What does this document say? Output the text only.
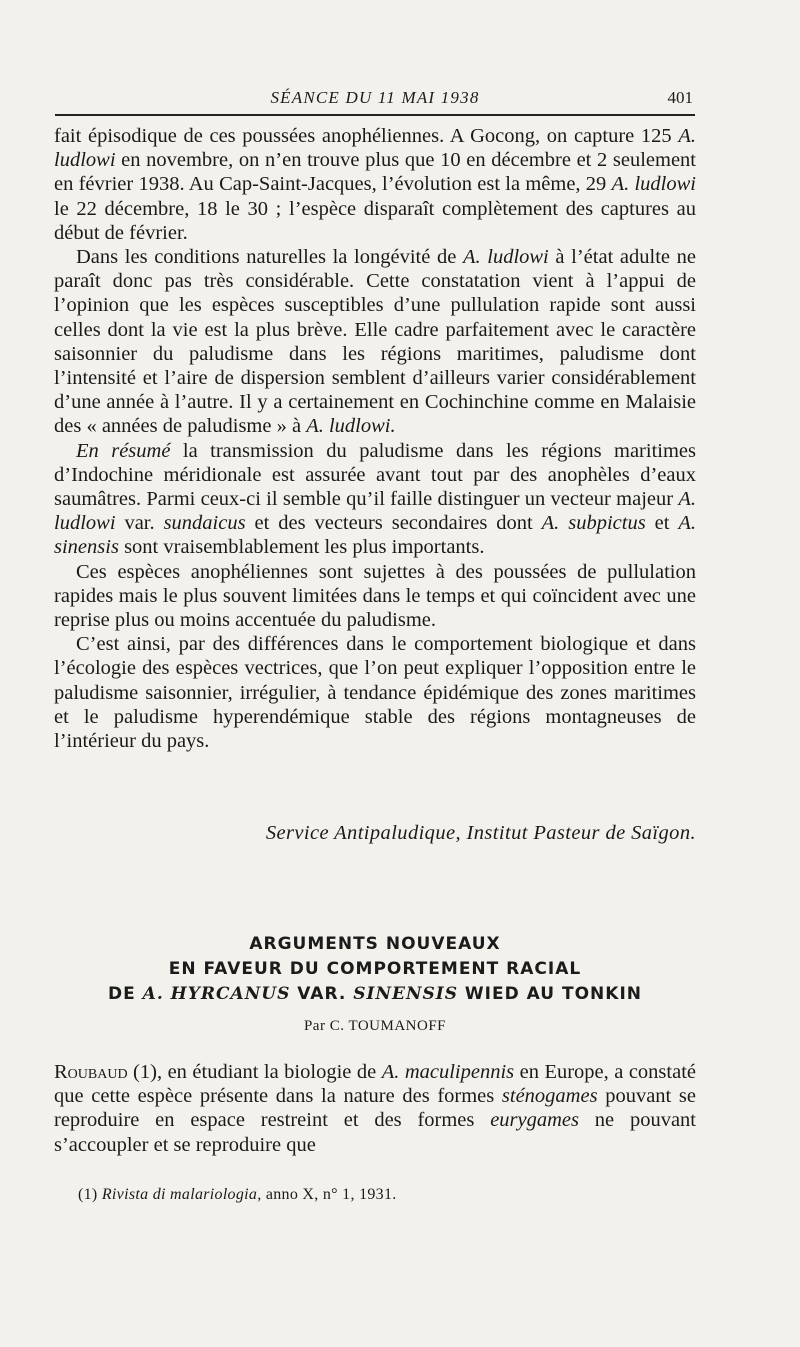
SÉANCE DU 11 MAI 1938	401

fait épisodique de ces poussées anophéliennes. A Gocong, on capture 125 A. ludlowi en novembre, on n’en trouve plus que 10 en décembre et 2 seulement en février 1938. Au Cap-Saint-Jacques, l’évolution est la même, 29 A. ludlowi le 22 décembre, 18 le 30 ; l’espèce disparaît complètement des captures au début de février.

Dans les conditions naturelles la longévité de A. ludlowi à l’état adulte ne paraît donc pas très considérable. Cette constatation vient à l’appui de l’opinion que les espèces susceptibles d’une pullulation rapide sont aussi celles dont la vie est la plus brève. Elle cadre parfaitement avec le caractère saisonnier du paludisme dans les régions maritimes, paludisme dont l’intensité et l’aire de dispersion semblent d’ailleurs varier considérablement d’une année à l’autre. Il y a certainement en Cochinchine comme en Malaisie des « années de paludisme » à A. ludlowi.

En résumé la transmission du paludisme dans les régions maritimes d’Indochine méridionale est assurée avant tout par des anophèles d’eaux saumâtres. Parmi ceux-ci il semble qu’il faille distinguer un vecteur majeur A. ludlowi var. sundaicus et des vecteurs secondaires dont A. subpictus et A. sinensis sont vraisemblablement les plus importants.

Ces espèces anophéliennes sont sujettes à des poussées de pullulation rapides mais le plus souvent limitées dans le temps et qui coïncident avec une reprise plus ou moins accentuée du paludisme.

C’est ainsi, par des différences dans le comportement biologique et dans l’écologie des espèces vectrices, que l’on peut expliquer l’opposition entre le paludisme saisonnier, irrégulier, à tendance épidémique des zones maritimes et le paludisme hyperendémique stable des régions montagneuses de l’intérieur du pays.

Service Antipaludique, Institut Pasteur de Saïgon.
ARGUMENTS NOUVEAUX
EN FAVEUR DU COMPORTEMENT RACIAL
DE A. HYRCANUS VAR. SINENSIS WIED AU TONKIN
Par C. TOUMANOFF

Roubaud (1), en étudiant la biologie de A. maculipennis en Europe, a constaté que cette espèce présente dans la nature des formes sténogames pouvant se reproduire en espace restreint et des formes eurygames ne pouvant s’accoupler et se reproduire que

(1) Rivista di malariologia, anno X, n° 1, 1931.
